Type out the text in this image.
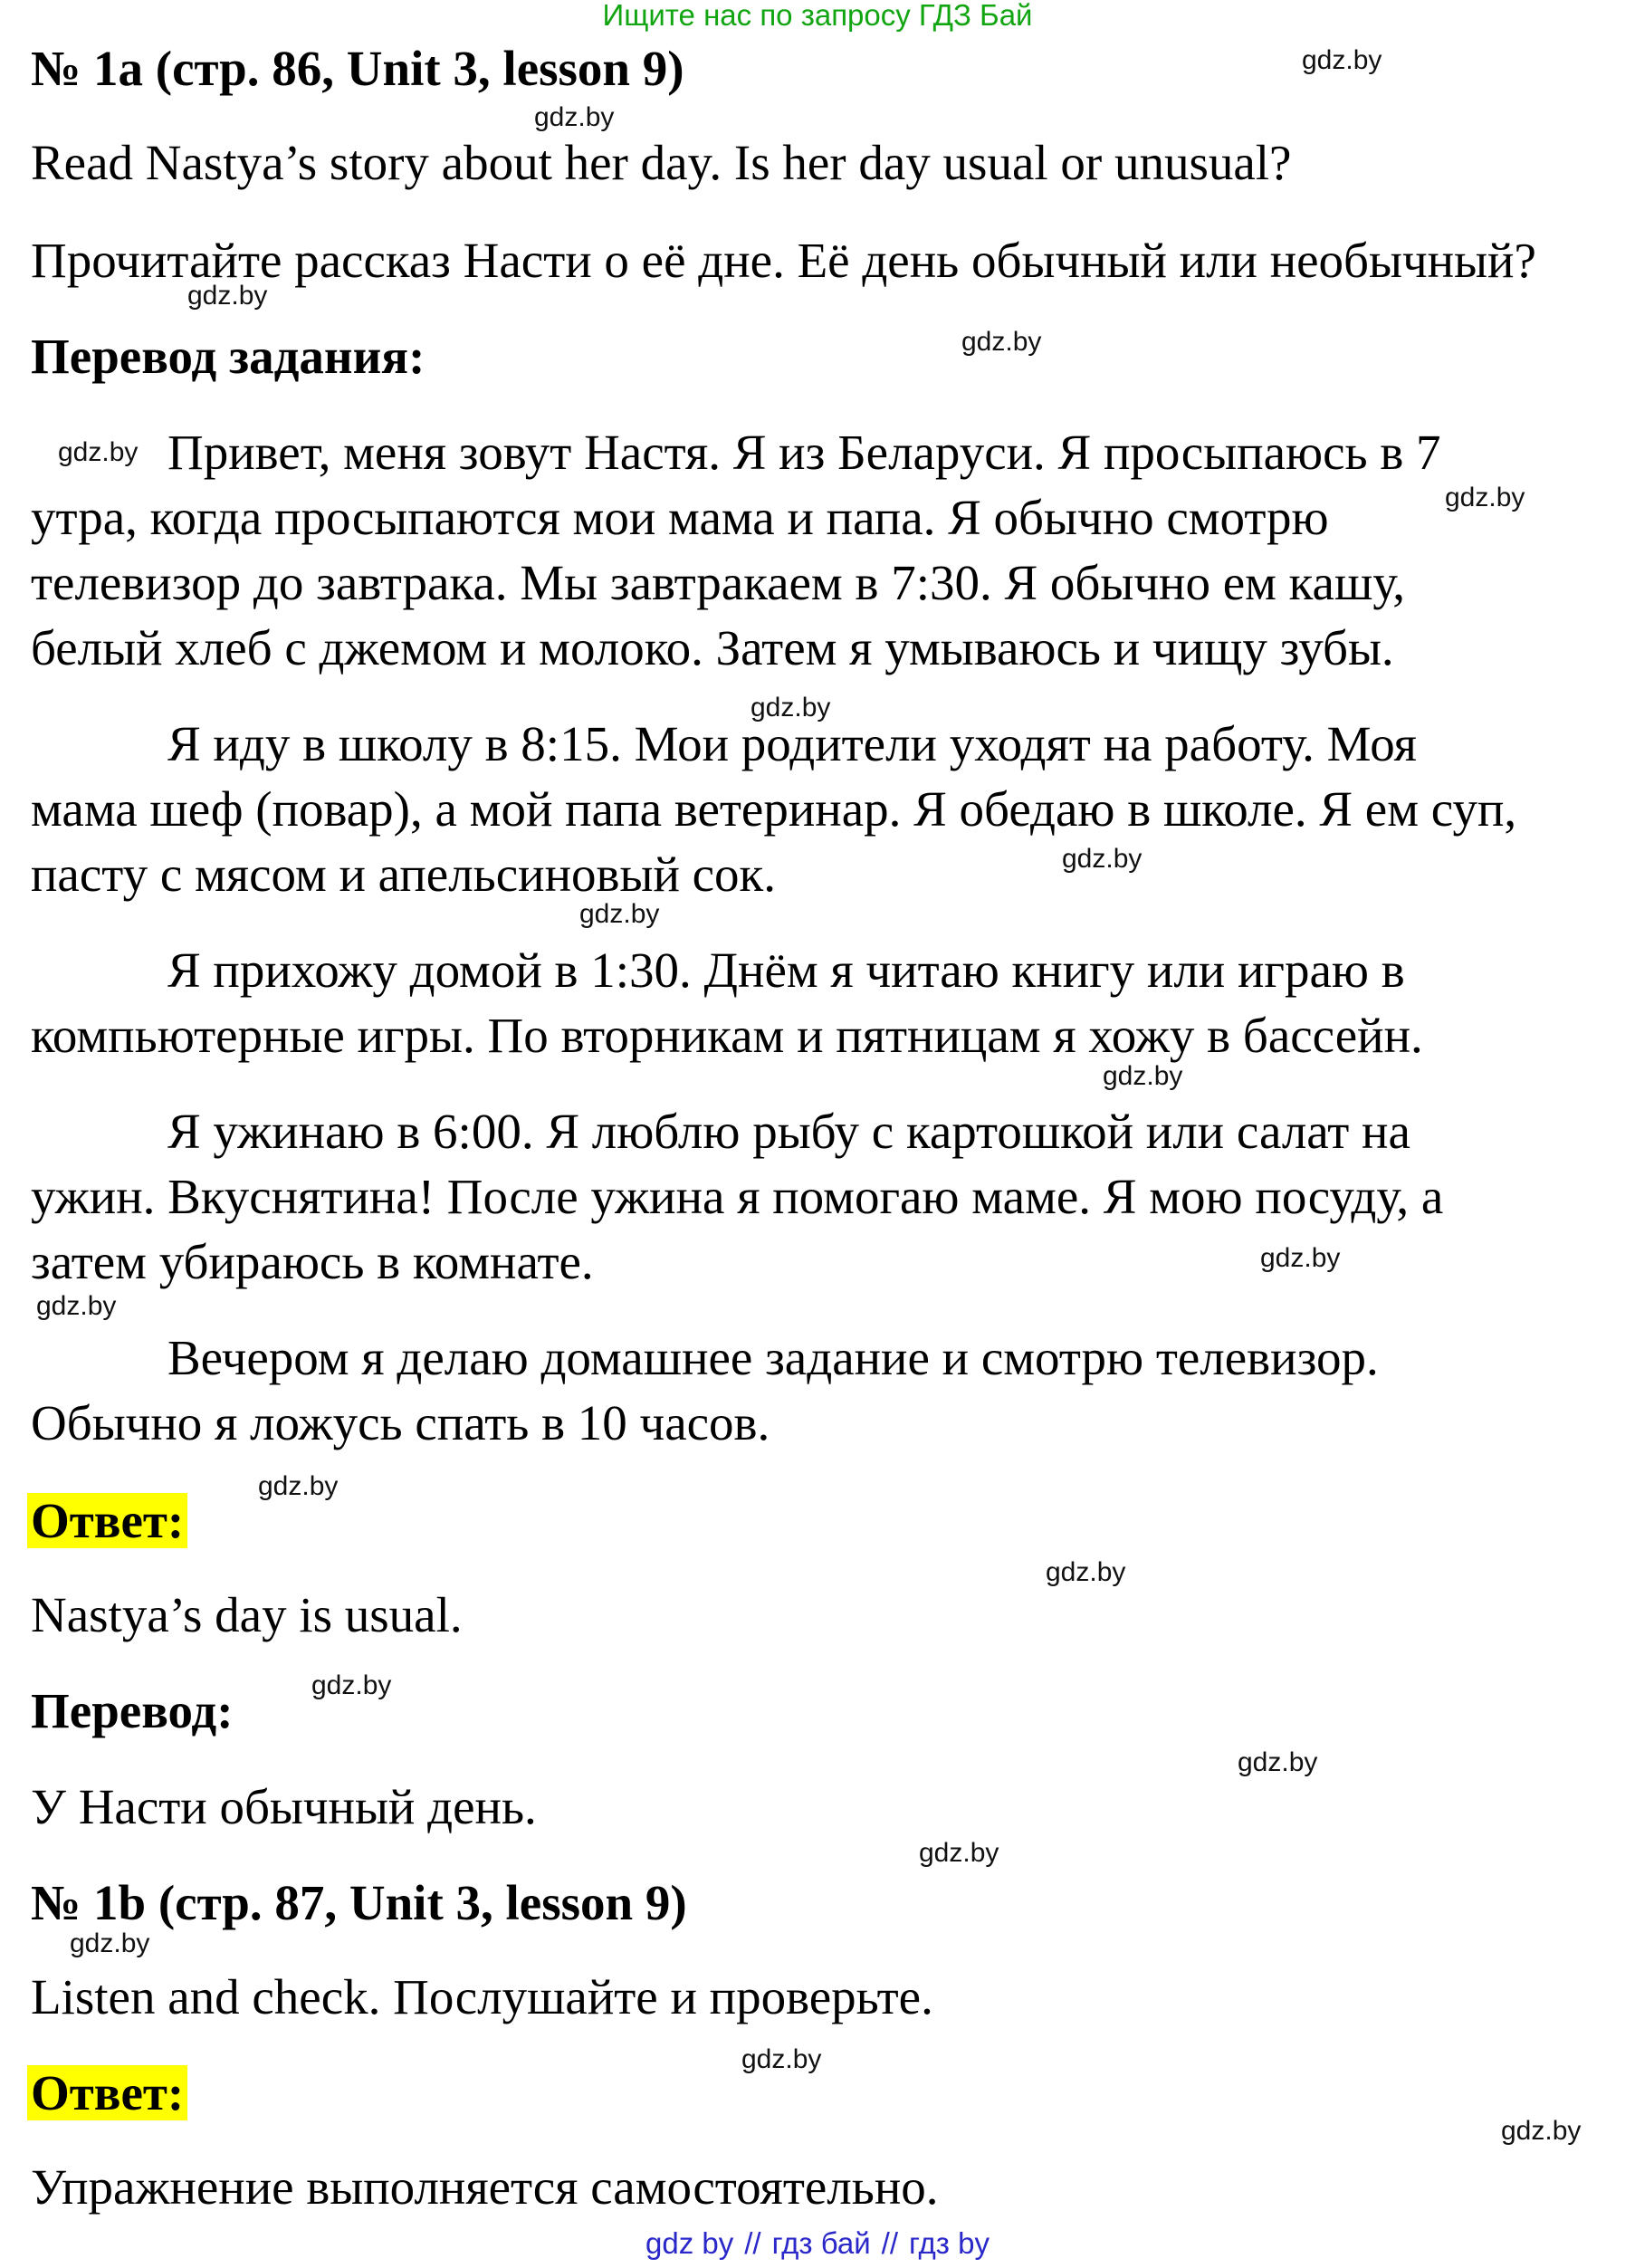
Ищите нас по запросу ГДЗ Бай
№ 1a (стр. 86, Unit 3, lesson 9)
Read Nastya’s story about her day. Is her day usual or unusual?
Прочитайте рассказ Насти о её дне. Её день обычный или необычный?
Перевод задания:
Привет, меня зовут Настя. Я из Беларуси. Я просыпаюсь в 7
утра, когда просыпаются мои мама и папа. Я обычно смотрю
телевизор до завтрака. Мы завтракаем в 7:30. Я обычно ем кашу,
белый хлеб с джемом и молоко. Затем я умываюсь и чищу зубы.
Я иду в школу в 8:15. Мои родители уходят на работу. Моя
мама шеф (повар), а мой папа ветеринар. Я обедаю в школе. Я ем суп,
пасту с мясом и апельсиновый сок.
Я прихожу домой в 1:30. Днём я читаю книгу или играю в
компьютерные игры. По вторникам и пятницам я хожу в бассейн.
Я ужинаю в 6:00. Я люблю рыбу с картошкой или салат на
ужин. Вкуснятина! После ужина я помогаю маме. Я мою посуду, а
затем убираюсь в комнате.
Вечером я делаю домашнее задание и смотрю телевизор.
Обычно я ложусь спать в 10 часов.
Ответ:
Nastya’s day is usual.
Перевод:
У Насти обычный день.
№ 1b (стр. 87, Unit 3, lesson 9)
Listen and check. Послушайте и проверьте.
Ответ:
Упражнение выполняется самостоятельно.
gdz.by
gdz.by
gdz.by
gdz.by
gdz.by
gdz.by
gdz.by
gdz.by
gdz.by
gdz.by
gdz.by
gdz.by
gdz.by
gdz.by
gdz.by
gdz.by
gdz.by
gdz.by
gdz.by
gdz.by
gdz by // гдз бай // гдз by
